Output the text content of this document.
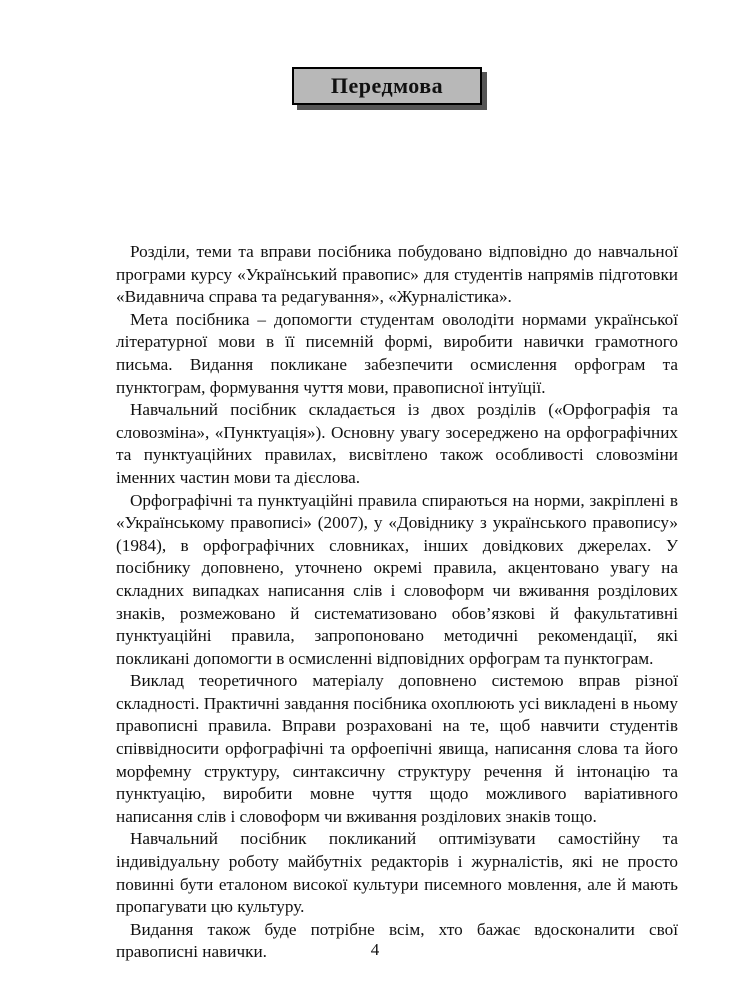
Передмова

Розділи, теми та вправи посібника побудовано відповідно до навчальної програми курсу «Український правопис» для студентів напрямів підготовки «Видавнича справа та редагування», «Журналістика».

Мета посібника – допомогти студентам оволодіти нормами української літературної мови в її писемній формі, виробити навички грамотного письма. Видання покликане забезпечити осмислення орфограм та пунктограм, формування чуття мови, правописної інтуїції.

Навчальний посібник складається із двох розділів («Орфографія та словозміна», «Пунктуація»). Основну увагу зосереджено на орфографічних та пунктуаційних правилах, висвітлено також особливості словозміни іменних частин мови та дієслова.

Орфографічні та пунктуаційні правила спираються на норми, закріплені в «Українському правописі» (2007), у «Довіднику з українського правопису» (1984), в орфографічних словниках, інших довідкових джерелах. У посібнику доповнено, уточнено окремі правила, акцентовано увагу на складних випадках написання слів і словоформ чи вживання розділових знаків, розмежовано й систематизовано обов’язкові й факультативні пунктуаційні правила, запропоновано методичні рекомендації, які покликані допомогти в осмисленні відповідних орфограм та пунктограм.

Виклад теоретичного матеріалу доповнено системою вправ різної складності. Практичні завдання посібника охоплюють усі викладені в ньому правописні правила. Вправи розраховані на те, щоб навчити студентів співвідносити орфографічні та орфоепічні явища, написання слова та його морфемну структуру, синтаксичну структуру речення й інтонацію та пунктуацію, виробити мовне чуття щодо можливого варіативного написання слів і словоформ чи вживання розділових знаків тощо.

Навчальний посібник покликаний оптимізувати самостійну та індивідуальну роботу майбутніх редакторів і журналістів, які не просто повинні бути еталоном високої культури писемного мовлення, але й мають пропагувати цю культуру.

Видання також буде потрібне всім, хто бажає вдосконалити свої правописні навички.	4
